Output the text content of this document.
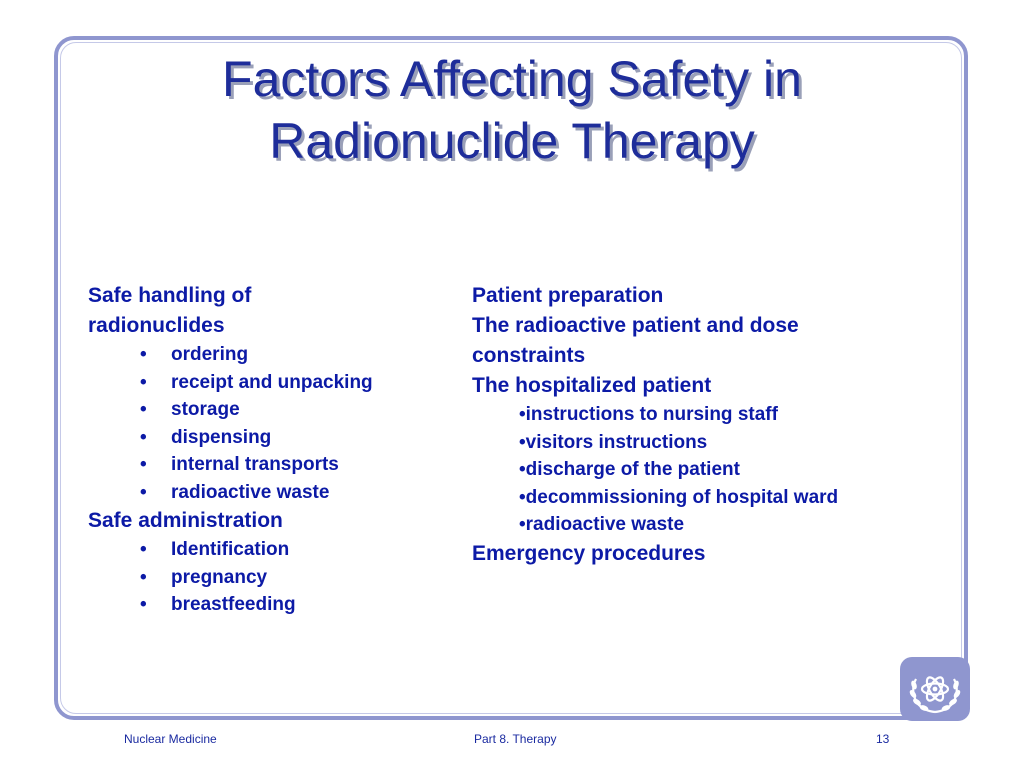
Factors Affecting Safety in
Radionuclide Therapy
Safe handling of
radionuclides
• ordering
• receipt and unpacking
• storage
• dispensing
• internal transports
• radioactive waste
Safe administration
• Identification
• pregnancy
• breastfeeding
Patient preparation
The radioactive patient and dose
constraints
The hospitalized patient
•instructions to nursing staff
•visitors instructions
•discharge of the patient
•decommissioning of hospital ward
•radioactive waste
Emergency procedures
Nuclear Medicine	Part 8. Therapy	13
